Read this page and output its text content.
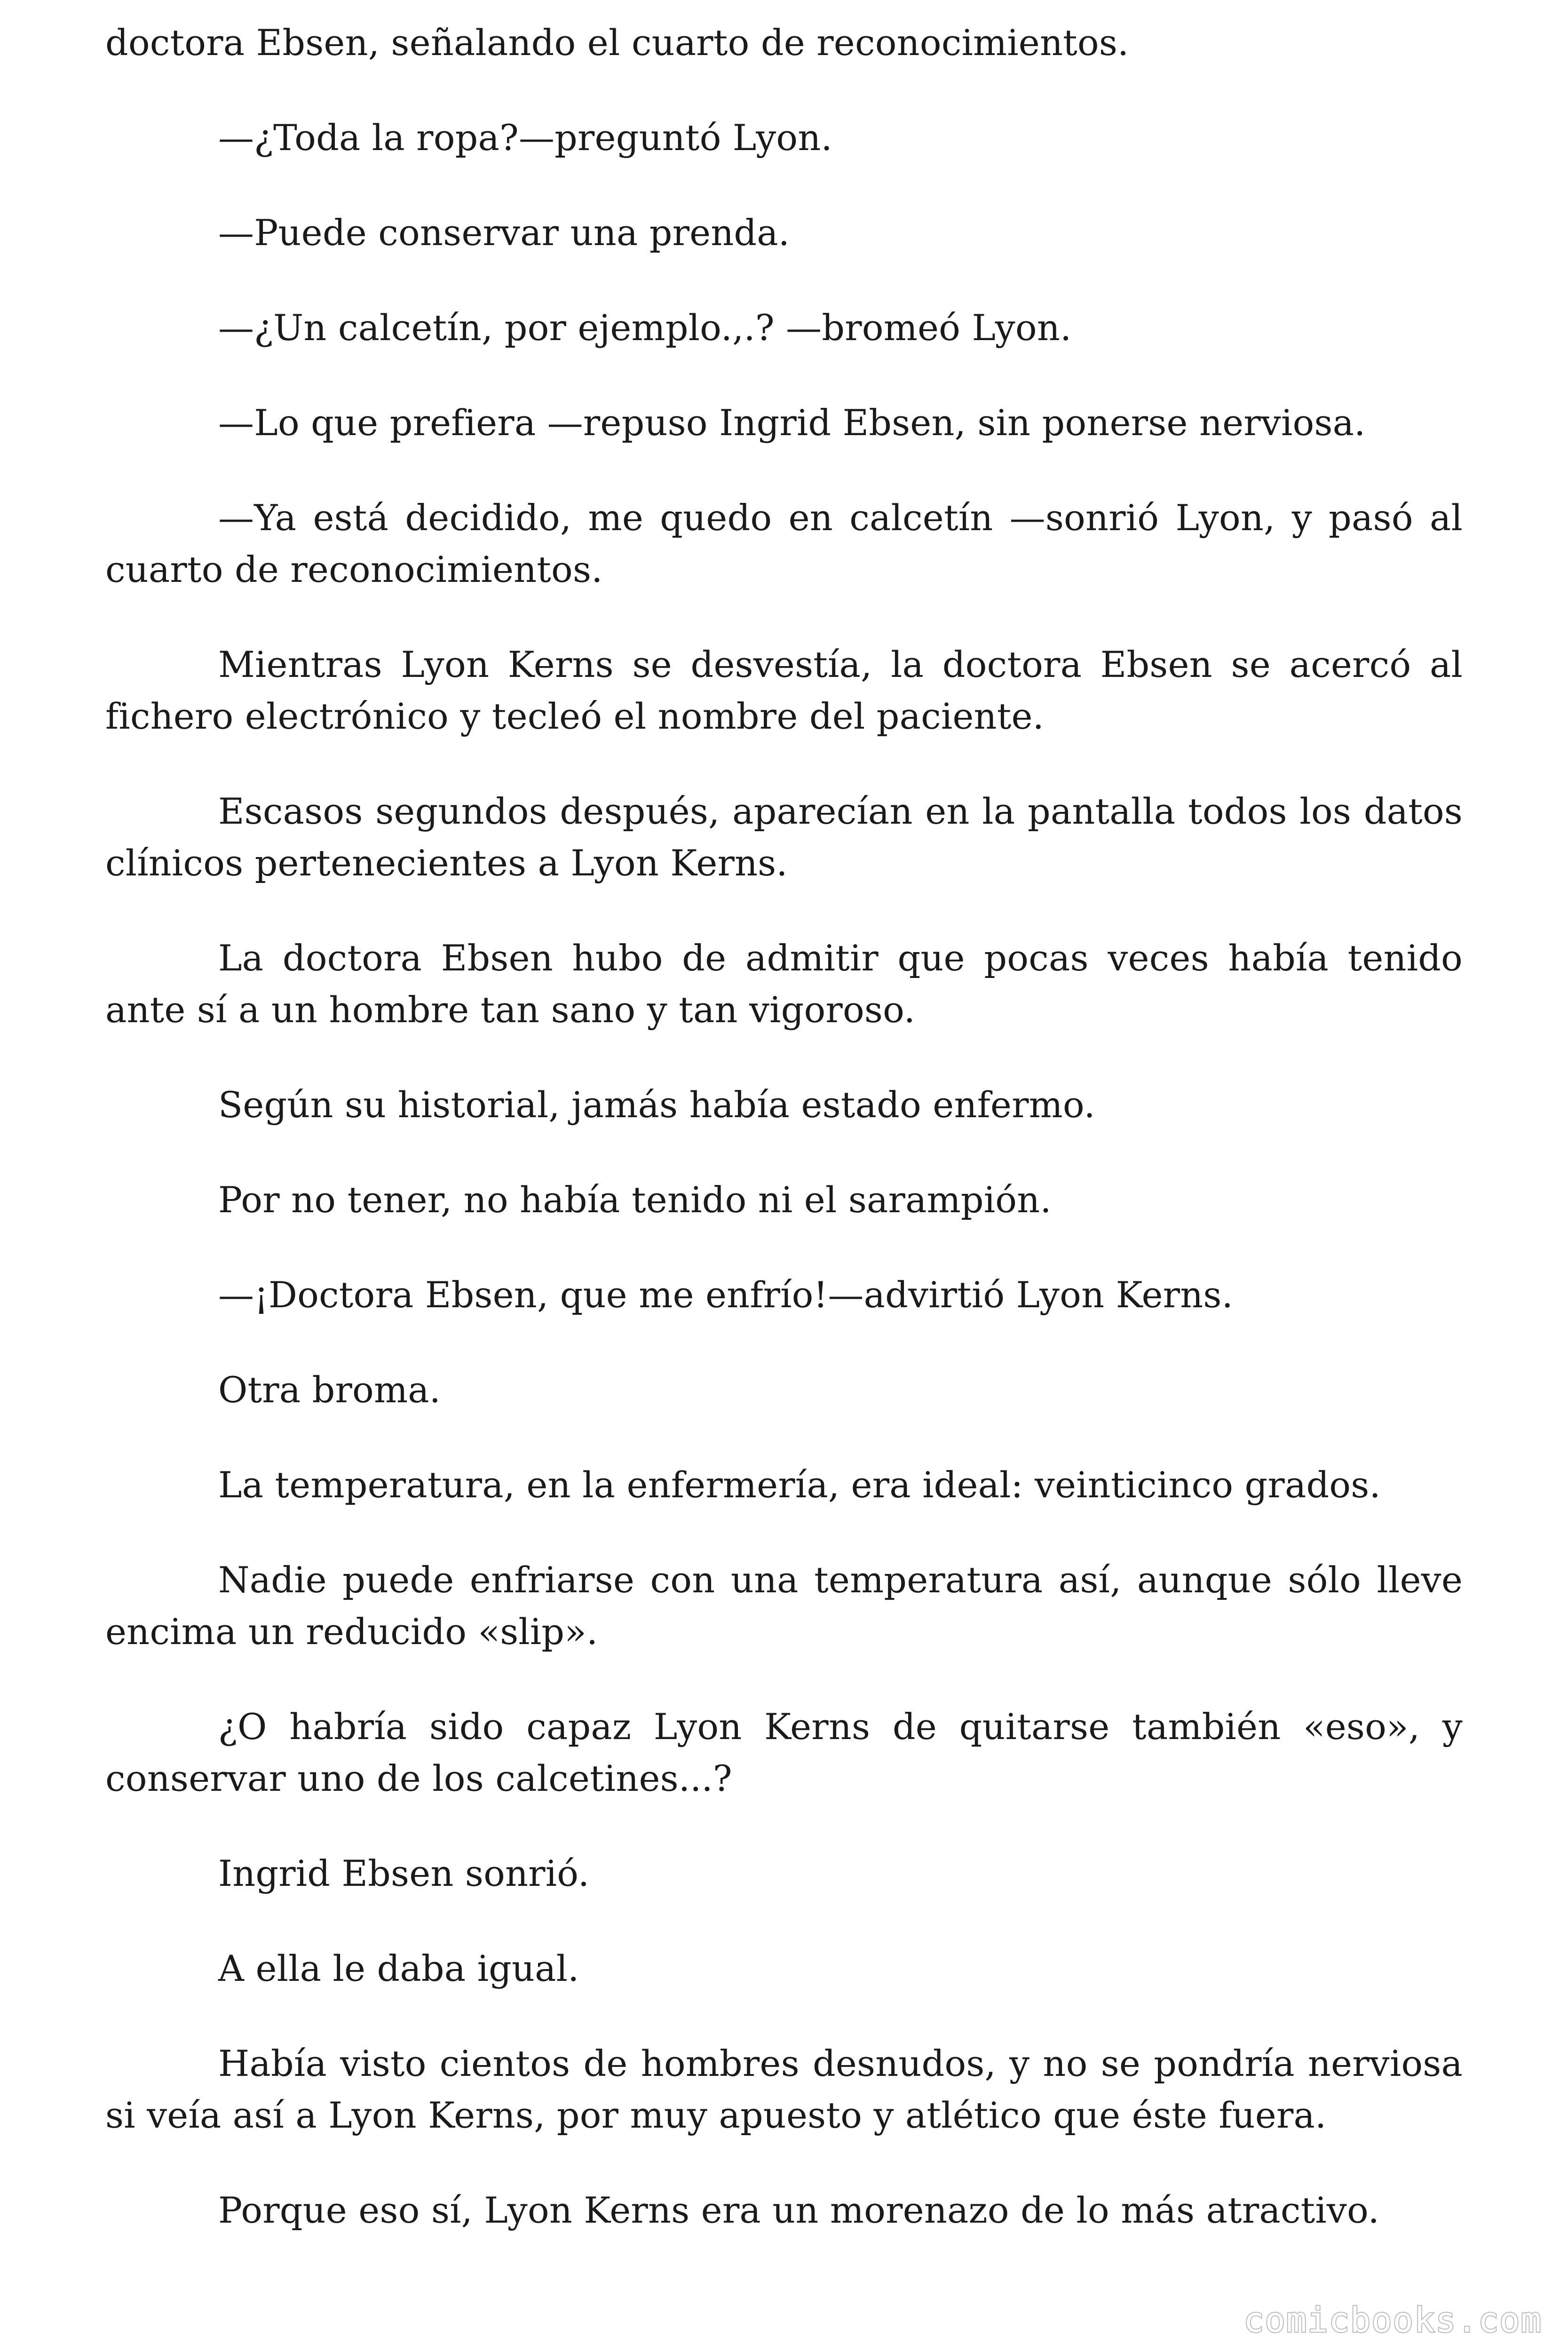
doctora Ebsen, señalando el cuarto de reconocimientos.

—¿Toda la ropa?—preguntó Lyon.

—Puede conservar una prenda.

—¿Un calcetín, por ejemplo.,.? —bromeó Lyon.

—Lo que prefiera —repuso Ingrid Ebsen, sin ponerse nerviosa.

—Ya está decidido, me quedo en calcetín —sonrió Lyon, y pasó al cuarto de reconocimientos.

Mientras Lyon Kerns se desvestía, la doctora Ebsen se acercó al fichero electrónico y tecleó el nombre del paciente.

Escasos segundos después, aparecían en la pantalla todos los datos clínicos pertenecientes a Lyon Kerns.

La doctora Ebsen hubo de admitir que pocas veces había tenido ante sí a un hombre tan sano y tan vigoroso.

Según su historial, jamás había estado enfermo.

Por no tener, no había tenido ni el sarampión.

—¡Doctora Ebsen, que me enfrío!—advirtió Lyon Kerns.

Otra broma.

La temperatura, en la enfermería, era ideal: veinticinco grados.

Nadie puede enfriarse con una temperatura así, aunque sólo lleve encima un reducido «slip».

¿O habría sido capaz Lyon Kerns de quitarse también «eso», y conservar uno de los calcetines...?

Ingrid Ebsen sonrió.

A ella le daba igual.

Había visto cientos de hombres desnudos, y no se pondría nerviosa si veía así a Lyon Kerns, por muy apuesto y atlético que éste fuera.

Porque eso sí, Lyon Kerns era un morenazo de lo más atractivo.

comicbooks.com
